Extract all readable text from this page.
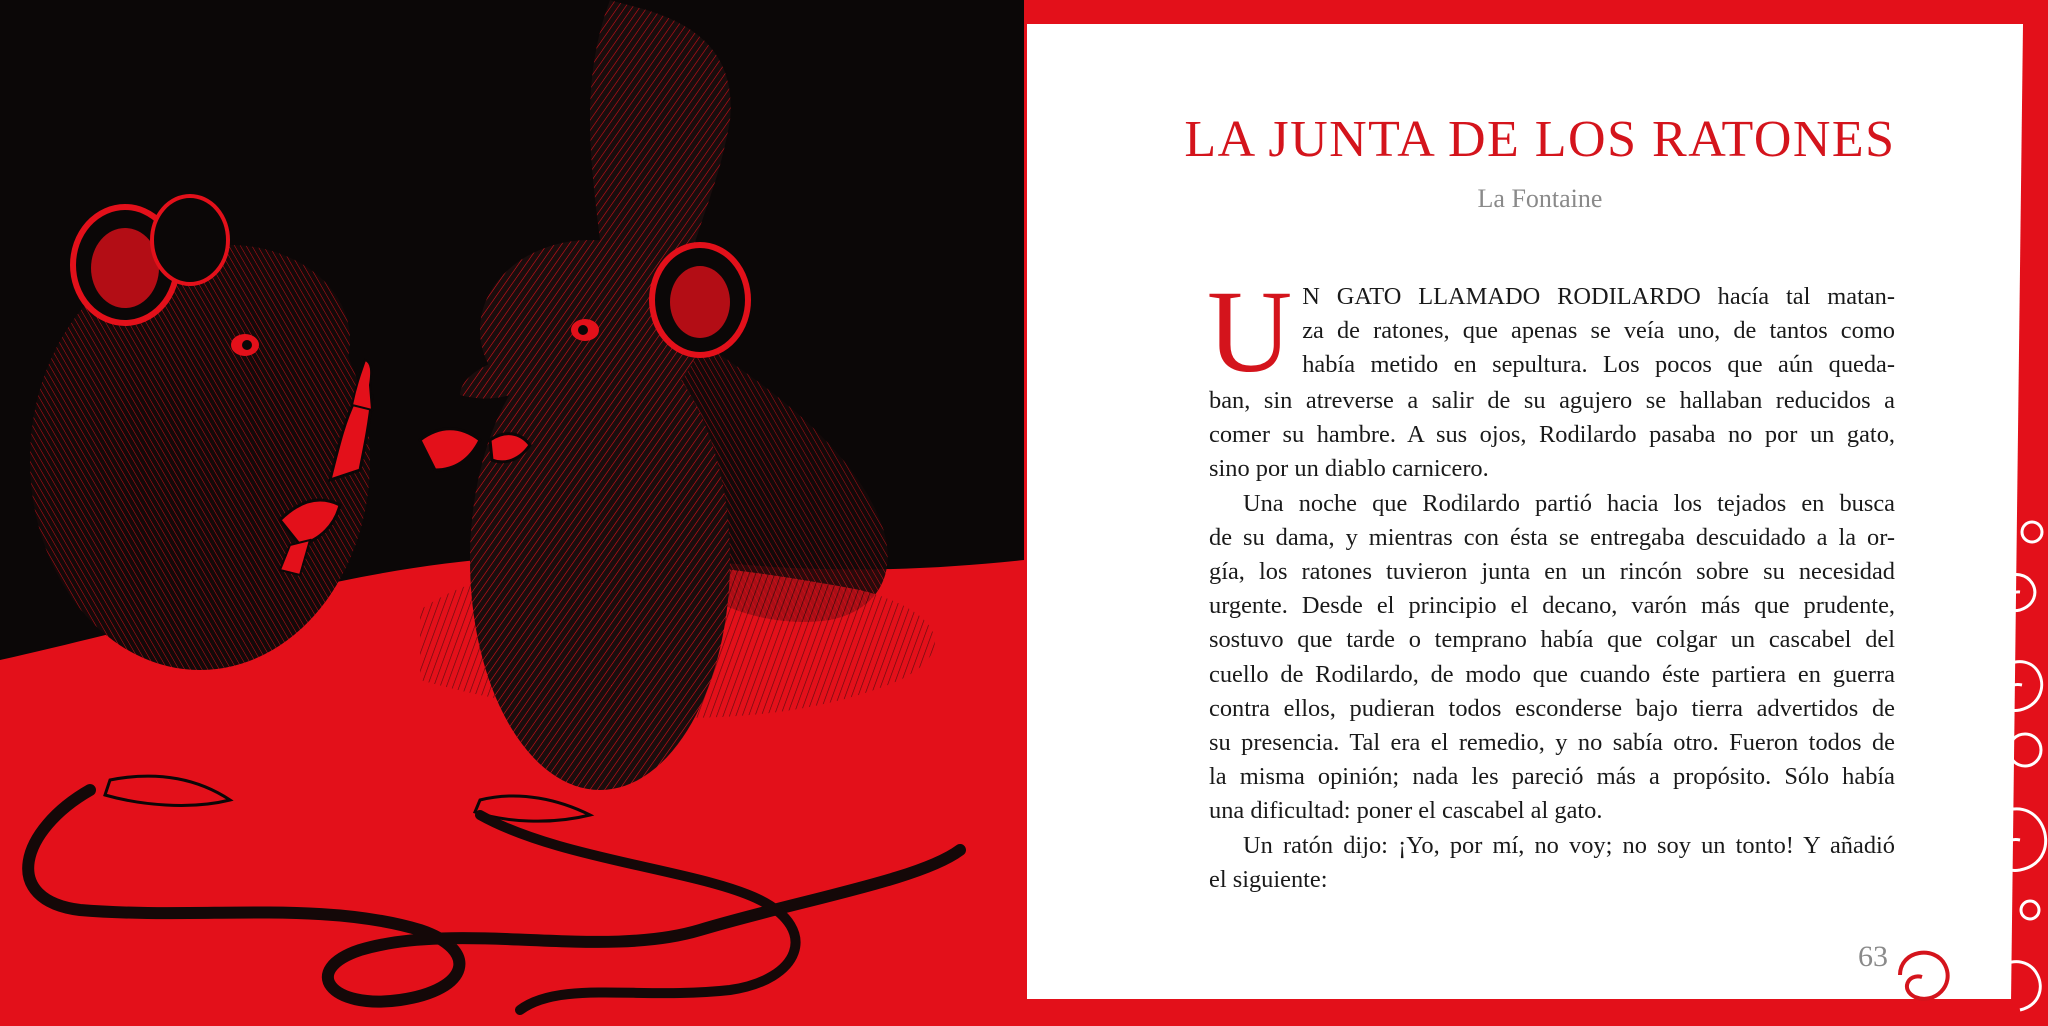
LA JUNTA DE LOS RATONES
La Fontaine

U N GATO LLAMADO RODILARDO hacía tal matan-
za de ratones, que apenas se veía uno, de tantos como
había metido en sepultura. Los pocos que aún queda-
ban, sin atreverse a salir de su agujero se hallaban reducidos a
comer su hambre. A sus ojos, Rodilardo pasaba no por un gato,
sino por un diablo carnicero.

Una noche que Rodilardo partió hacia los tejados en busca
de su dama, y mientras con ésta se entregaba descuidado a la or-
gía, los ratones tuvieron junta en un rincón sobre su necesidad
urgente. Desde el principio el decano, varón más que prudente,
sostuvo que tarde o temprano había que colgar un cascabel del
cuello de Rodilardo, de modo que cuando éste partiera en guerra
contra ellos, pudieran todos esconderse bajo tierra advertidos de
su presencia. Tal era el remedio, y no sabía otro. Fueron todos de
la misma opinión; nada les pareció más a propósito. Sólo había
una dificultad: poner el cascabel al gato.

Un ratón dijo: ¡Yo, por mí, no voy; no soy un tonto! Y añadió
el siguiente:

63
